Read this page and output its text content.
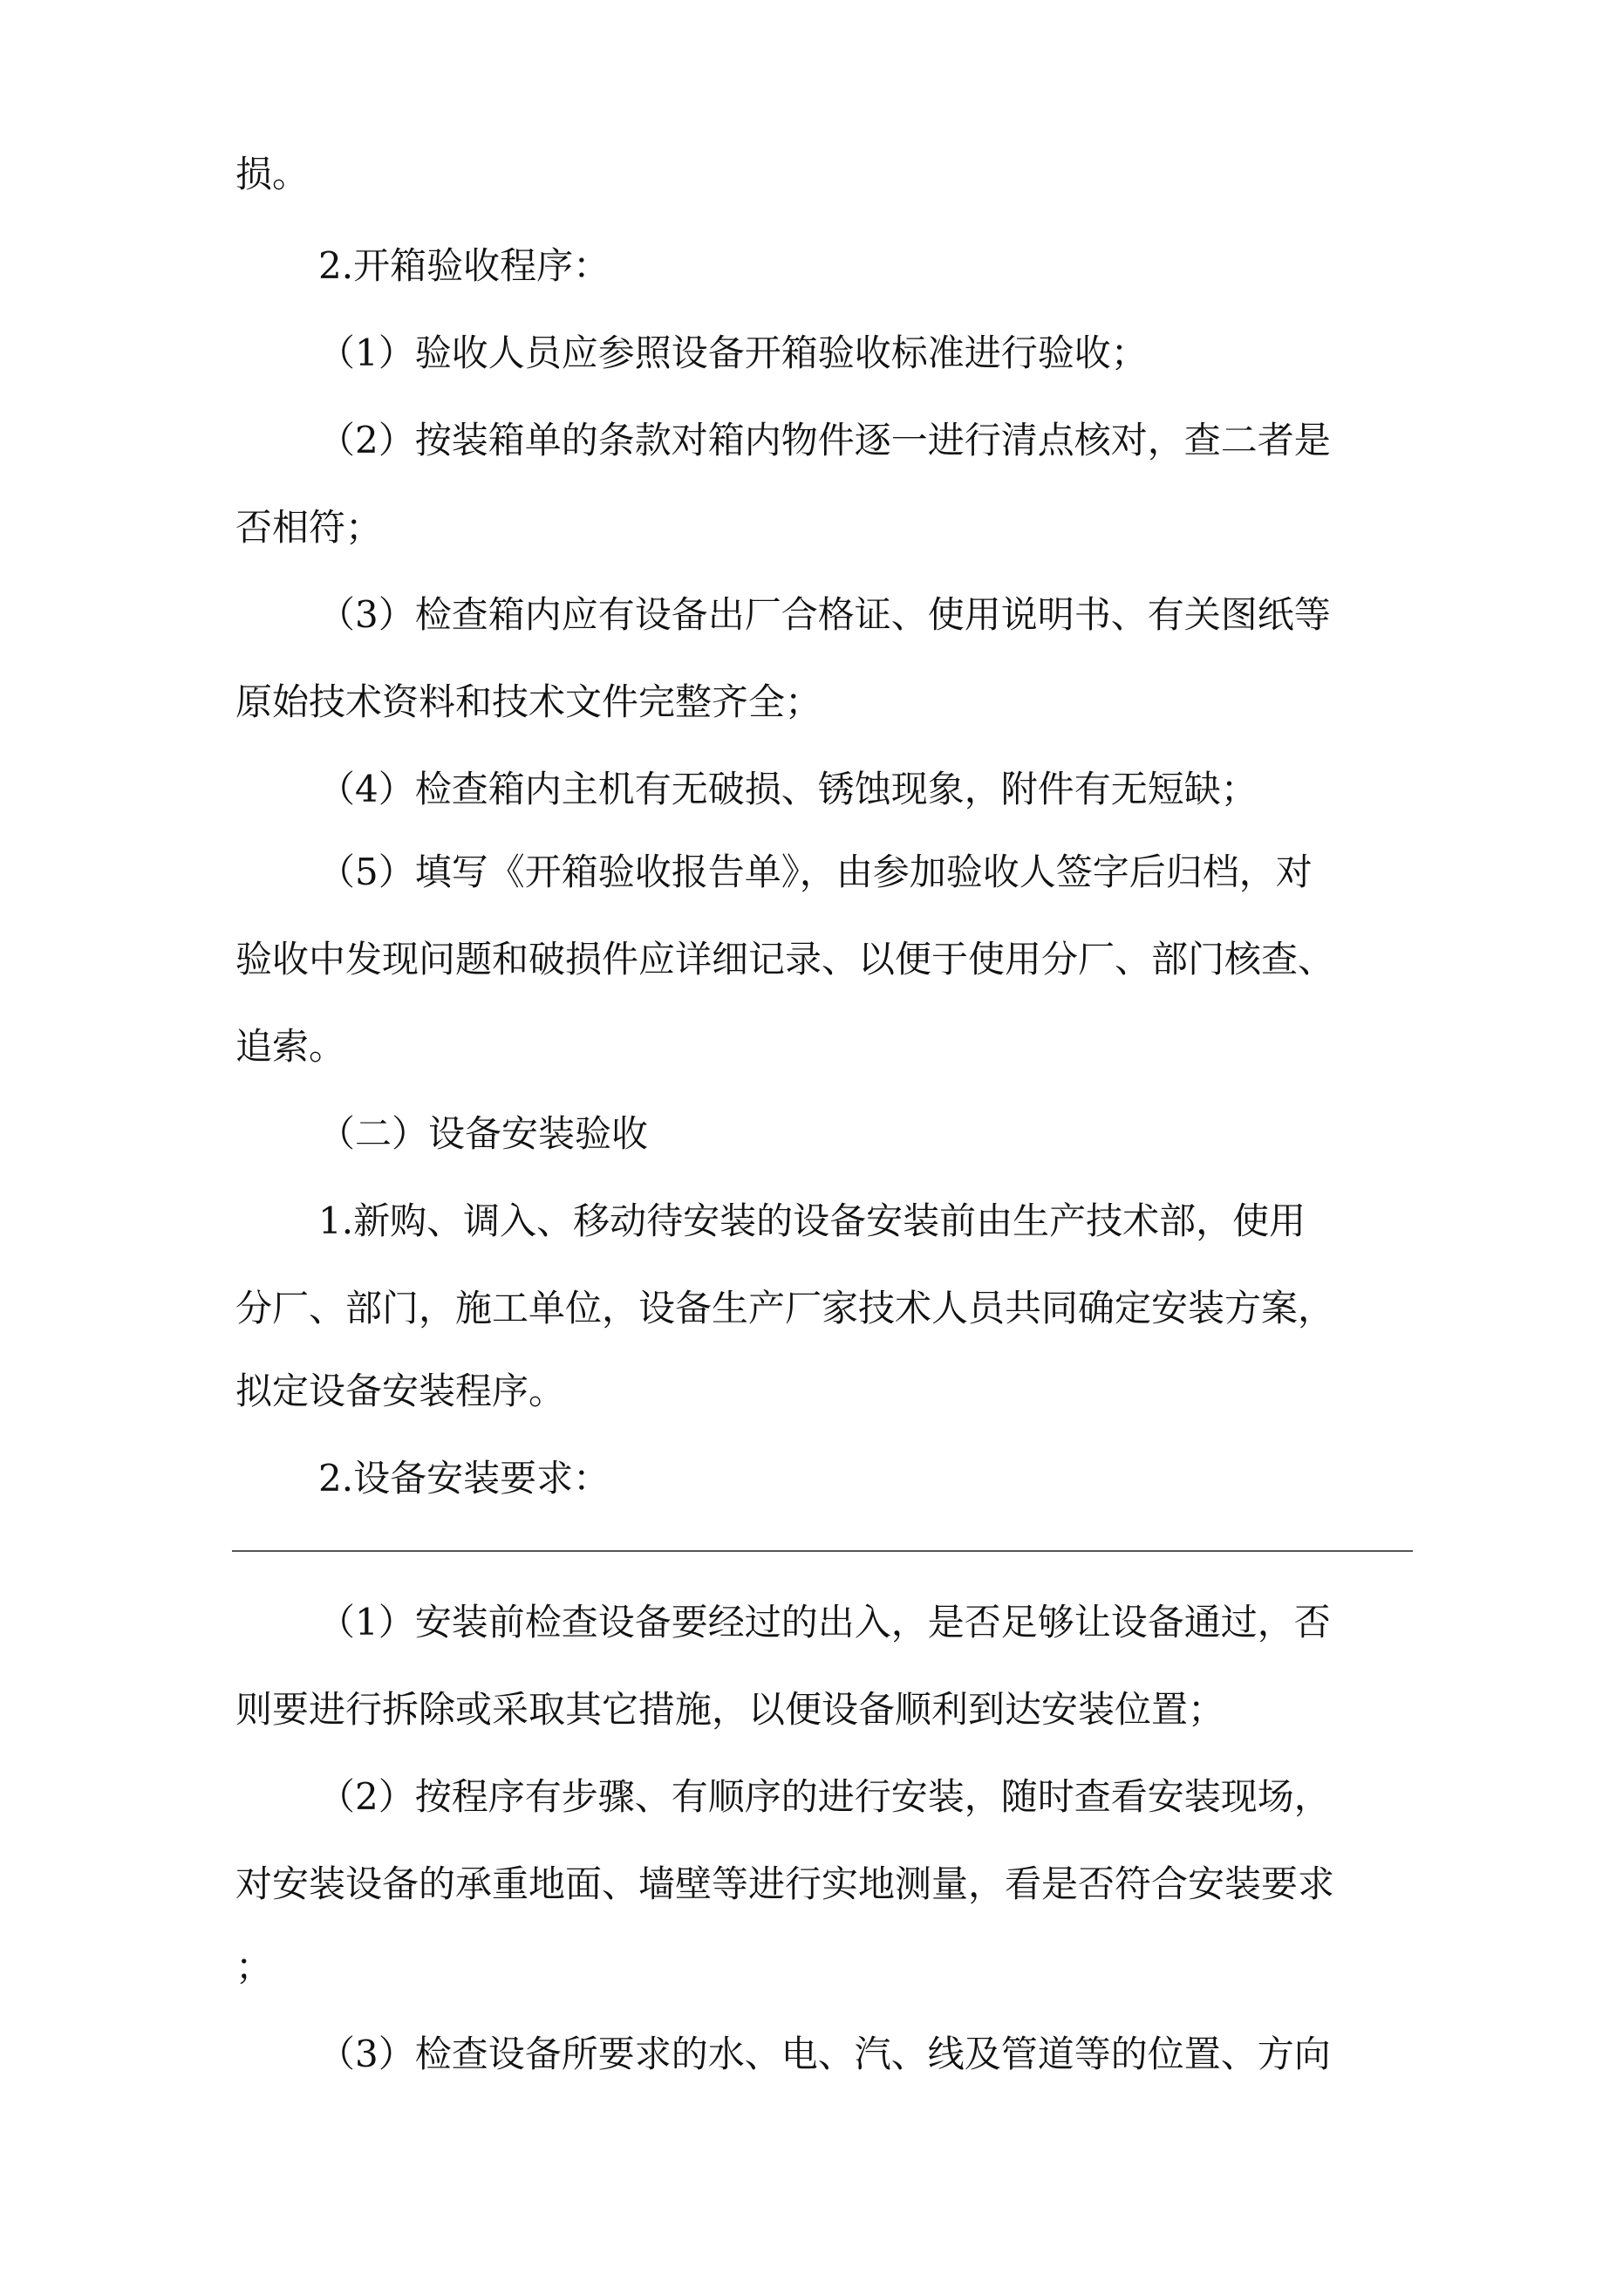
损。
2.开箱验收程序：
（1）验收人员应参照设备开箱验收标准进行验收；
（2）按装箱单的条款对箱内物件逐一进行清点核对，查二者是
否相符；
（3）检查箱内应有设备出厂合格证、使用说明书、有关图纸等
原始技术资料和技术文件完整齐全；
（4）检查箱内主机有无破损、锈蚀现象，附件有无短缺；
（5）填写《开箱验收报告单》，由参加验收人签字后归档，对
验收中发现问题和破损件应详细记录、以便于使用分厂、部门核查、
追索。
（二）设备安装验收
1.新购、调入、移动待安装的设备安装前由生产技术部，使用
分厂、部门，施工单位，设备生产厂家技术人员共同确定安装方案，
拟定设备安装程序。
2.设备安装要求：
（1）安装前检查设备要经过的出入，是否足够让设备通过，否
则要进行拆除或采取其它措施，以便设备顺利到达安装位置；
（2）按程序有步骤、有顺序的进行安装，随时查看安装现场，
对安装设备的承重地面、墙壁等进行实地测量，看是否符合安装要求
；
（3）检查设备所要求的水、电、汽、线及管道等的位置、方向
